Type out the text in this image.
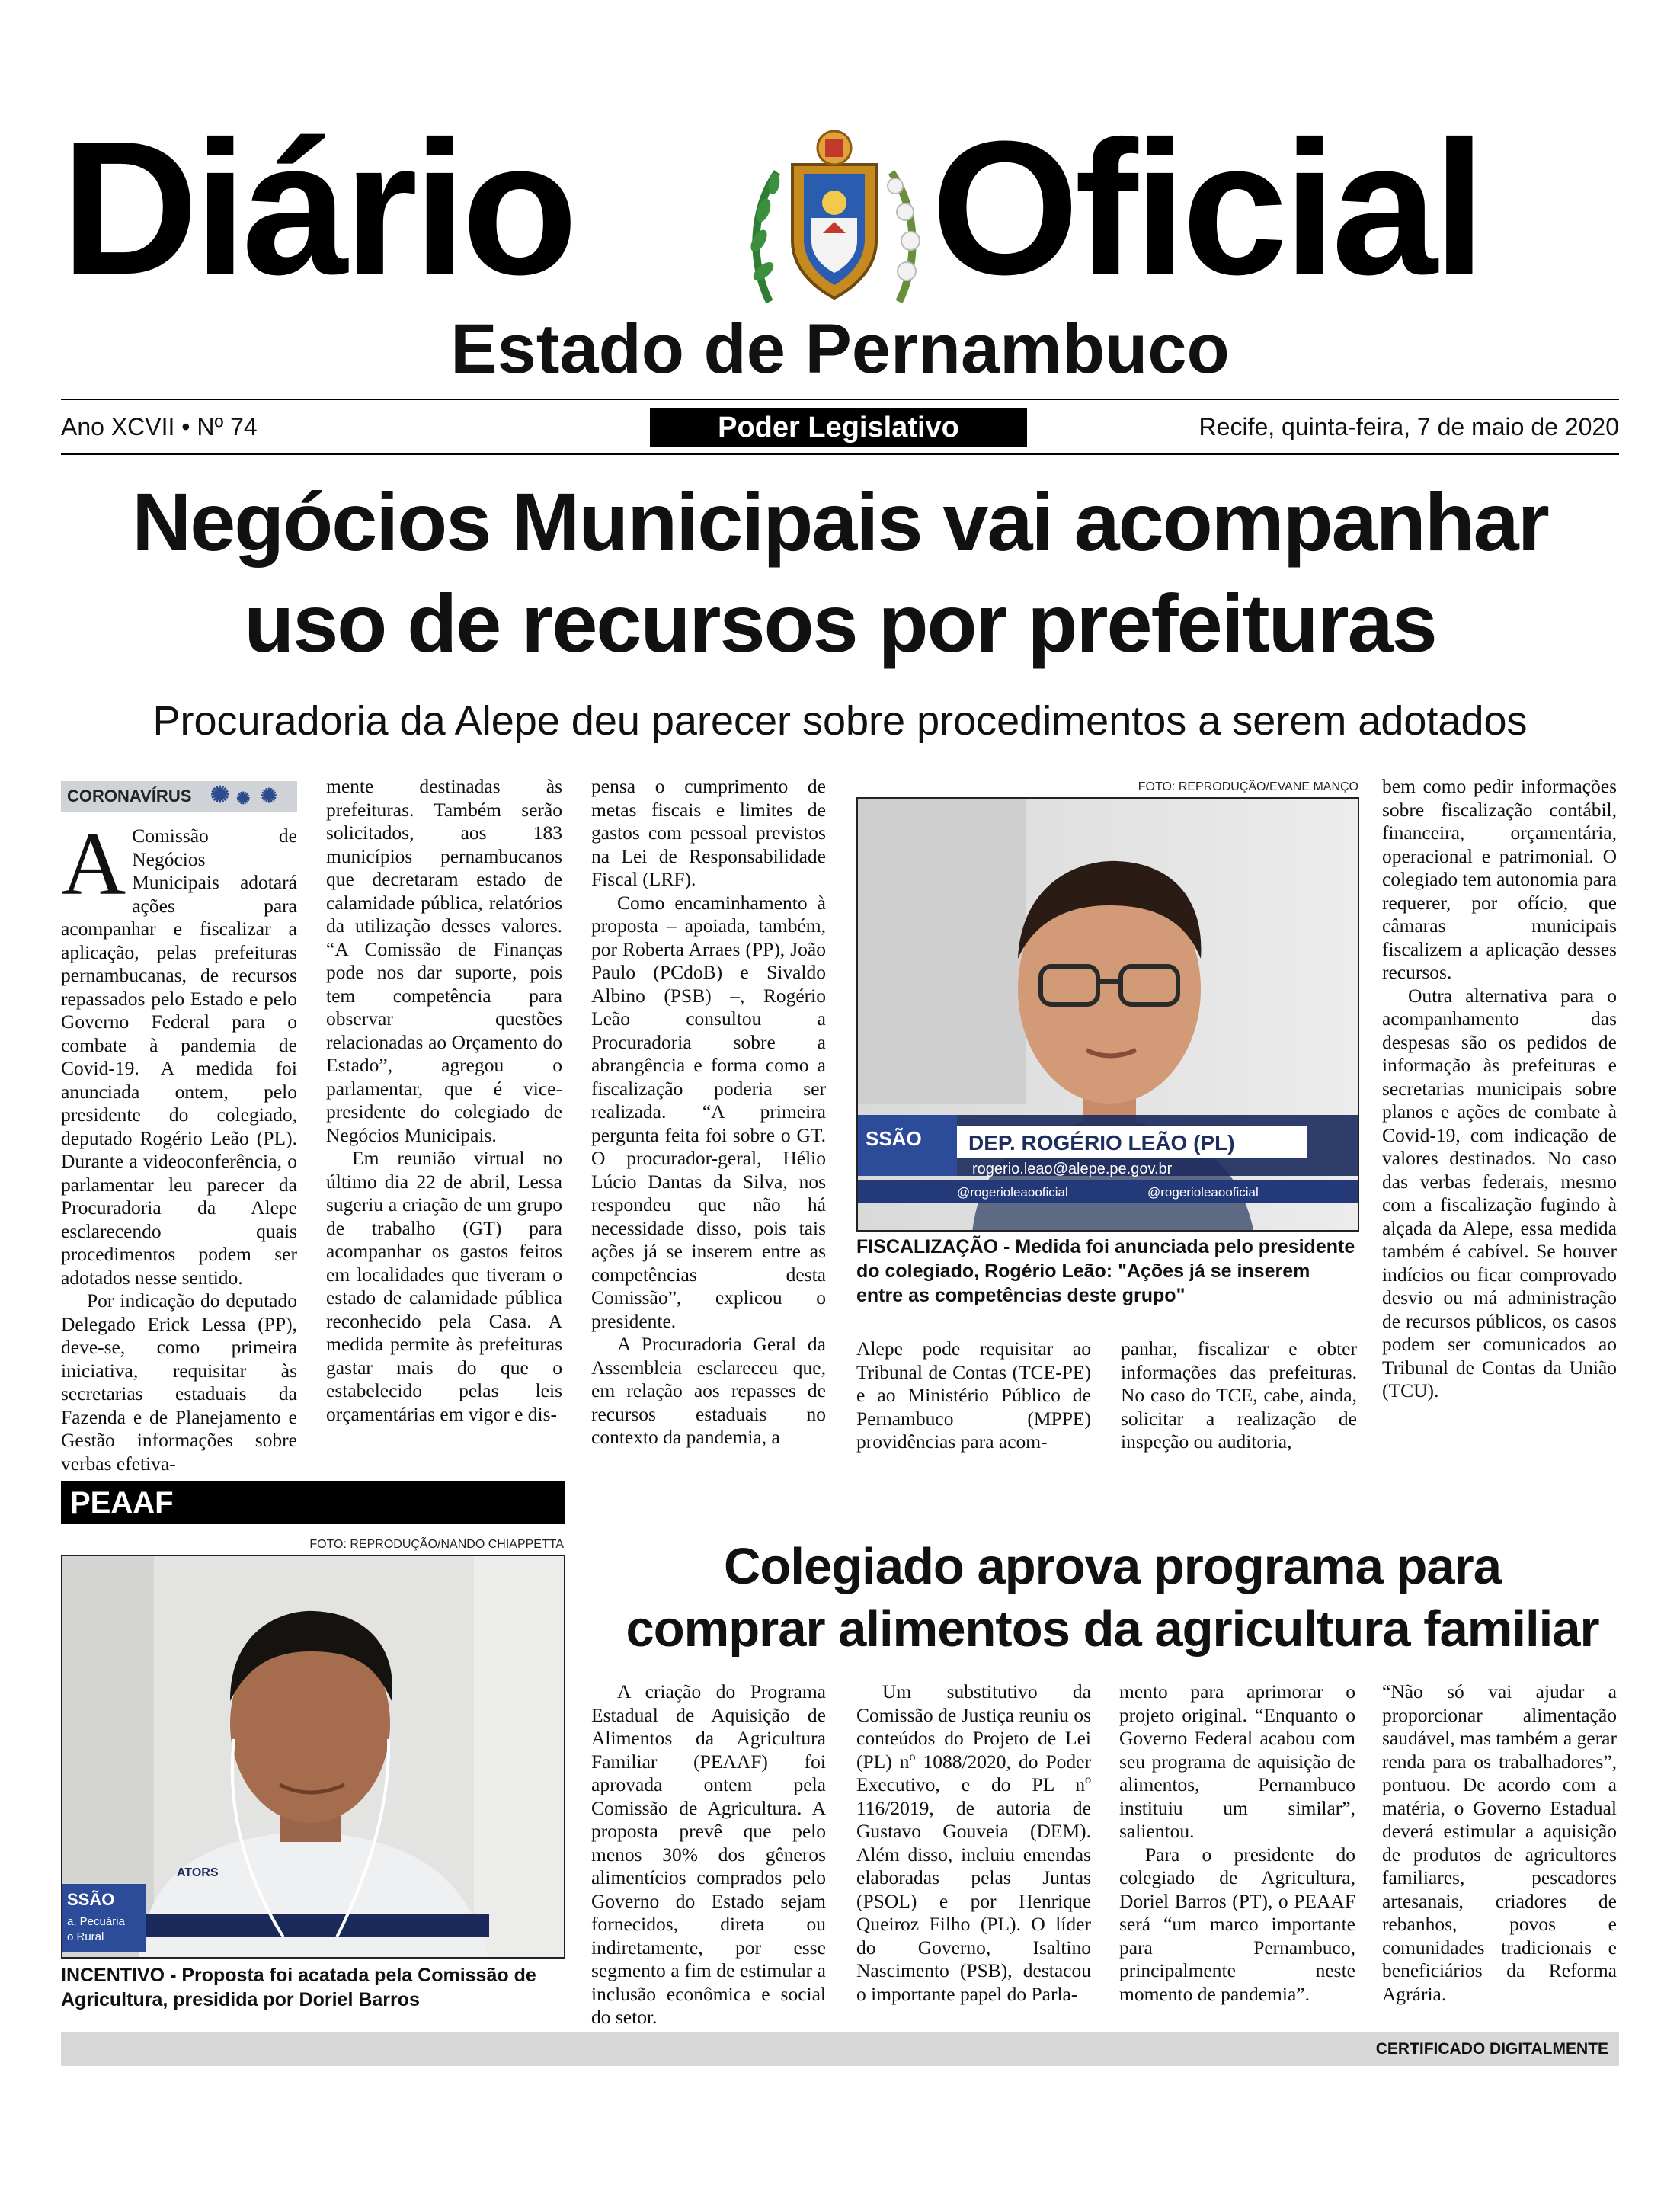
Diário Oficial
Estado de Pernambuco
Ano XCVII • Nº 74	Poder Legislativo	Recife, quinta-feira, 7 de maio de 2020
Negócios Municipais vai acompanhar
uso de recursos por prefeituras
Procuradoria da Alepe deu parecer sobre procedimentos a serem adotados
CORONAVÍRUS ✺ ✺ ✺

A Comissão de Negócios Municipais adotará ações para acompanhar e fiscalizar a aplicação, pelas prefeituras pernambucanas, de recursos repassados pelo Estado e pelo Governo Federal para o combate à pandemia de Covid-19. A medida foi anunciada ontem, pelo presidente do colegiado, deputado Rogério Leão (PL). Durante a videoconferência, o parlamentar leu parecer da Procuradoria da Alepe esclarecendo quais procedimentos podem ser adotados nesse sentido.

Por indicação do deputado Delegado Erick Lessa (PP), deve-se, como primeira iniciativa, requisitar às secretarias estaduais da Fazenda e de Planejamento e Gestão informações sobre verbas efetiva-

mente destinadas às prefeituras. Também serão solicitados, aos 183 municípios pernambucanos que decretaram estado de calamidade pública, relatórios da utilização desses valores. “A Comissão de Finanças pode nos dar suporte, pois tem competência para observar questões relacionadas ao Orçamento do Estado”, agregou o parlamentar, que é vice-presidente do colegiado de Negócios Municipais.

Em reunião virtual no último dia 22 de abril, Lessa sugeriu a criação de um grupo de trabalho (GT) para acompanhar os gastos feitos em localidades que tiveram o estado de calamidade pública reconhecido pela Casa. A medida permite às prefeituras gastar mais do que o estabelecido pelas leis orçamentárias em vigor e dis-

pensa o cumprimento de metas fiscais e limites de gastos com pessoal previstos na Lei de Responsabilidade Fiscal (LRF).

Como encaminhamento à proposta – apoiada, também, por Roberta Arraes (PP), João Paulo (PCdoB) e Sivaldo Albino (PSB) –, Rogério Leão consultou a Procuradoria sobre a abrangência e forma como a fiscalização poderia ser realizada. “A primeira pergunta feita foi sobre o GT. O procurador-geral, Hélio Lúcio Dantas da Silva, nos respondeu que não há necessidade disso, pois tais ações já se inserem entre as competências desta Comissão”, explicou o presidente.

A Procuradoria Geral da Assembleia esclareceu que, em relação aos repasses de recursos estaduais no contexto da pandemia, a

FOTO: REPRODUÇÃO/EVANE MANÇO
SSÃO DEP. ROGÉRIO LEÃO (PL)
rogerio.leao@alepe.pe.gov.br
@rogerioleaooficial	@rogerioleaooficial
FISCALIZAÇÃO - Medida foi anunciada pelo presidente do colegiado, Rogério Leão: "Ações já se inserem entre as competências deste grupo"

Alepe pode requisitar ao Tribunal de Contas (TCE-PE) e ao Ministério Público de Pernambuco (MPPE) providências para acom-

panhar, fiscalizar e obter informações das prefeituras. No caso do TCE, cabe, ainda, solicitar a realização de inspeção ou auditoria,

bem como pedir informações sobre fiscalização contábil, financeira, orçamentária, operacional e patrimonial. O colegiado tem autonomia para requerer, por ofício, que câmaras municipais fiscalizem a aplicação desses recursos.

Outra alternativa para o acompanhamento das despesas são os pedidos de informação às prefeituras e secretarias municipais sobre planos e ações de combate à Covid-19, com indicação de valores destinados. No caso das verbas federais, mesmo com a fiscalização fugindo à alçada da Alepe, essa medida também é cabível. Se houver indícios ou ficar comprovado desvio ou má administração de recursos públicos, os casos podem ser comunicados ao Tribunal de Contas da União (TCU).

PEAAF
FOTO: REPRODUÇÃO/NANDO CHIAPPETTA
ATORS
SSÃO
a, Pecuária
o Rural
INCENTIVO - Proposta foi acatada pela Comissão de Agricultura, presidida por Doriel Barros
Colegiado aprova programa para
comprar alimentos da agricultura familiar

A criação do Programa Estadual de Aquisição de Alimentos da Agricultura Familiar (PEAAF) foi aprovada ontem pela Comissão de Agricultura. A proposta prevê que pelo menos 30% dos gêneros alimentícios comprados pelo Governo do Estado sejam fornecidos, direta ou indiretamente, por esse segmento a fim de estimular a inclusão econômica e social do setor.

Um substitutivo da Comissão de Justiça reuniu os conteúdos do Projeto de Lei (PL) nº 1088/2020, do Poder Executivo, e do PL nº 116/2019, de autoria de Gustavo Gouveia (DEM). Além disso, incluiu emendas elaboradas pelas Juntas (PSOL) e por Henrique Queiroz Filho (PL). O líder do Governo, Isaltino Nascimento (PSB), destacou o importante papel do Parla-

mento para aprimorar o projeto original. “Enquanto o Governo Federal acabou com seu programa de aquisição de alimentos, Pernambuco instituiu um similar”, salientou.

Para o presidente do colegiado de Agricultura, Doriel Barros (PT), o PEAAF será “um marco importante para Pernambuco, principalmente neste momento de pandemia”.

“Não só vai ajudar a proporcionar alimentação saudável, mas também a gerar renda para os trabalhadores”, pontuou. De acordo com a matéria, o Governo Estadual deverá estimular a aquisição de produtos de agricultores familiares, pescadores artesanais, criadores de rebanhos, povos e comunidades tradicionais e beneficiários da Reforma Agrária.

CERTIFICADO DIGITALMENTE
